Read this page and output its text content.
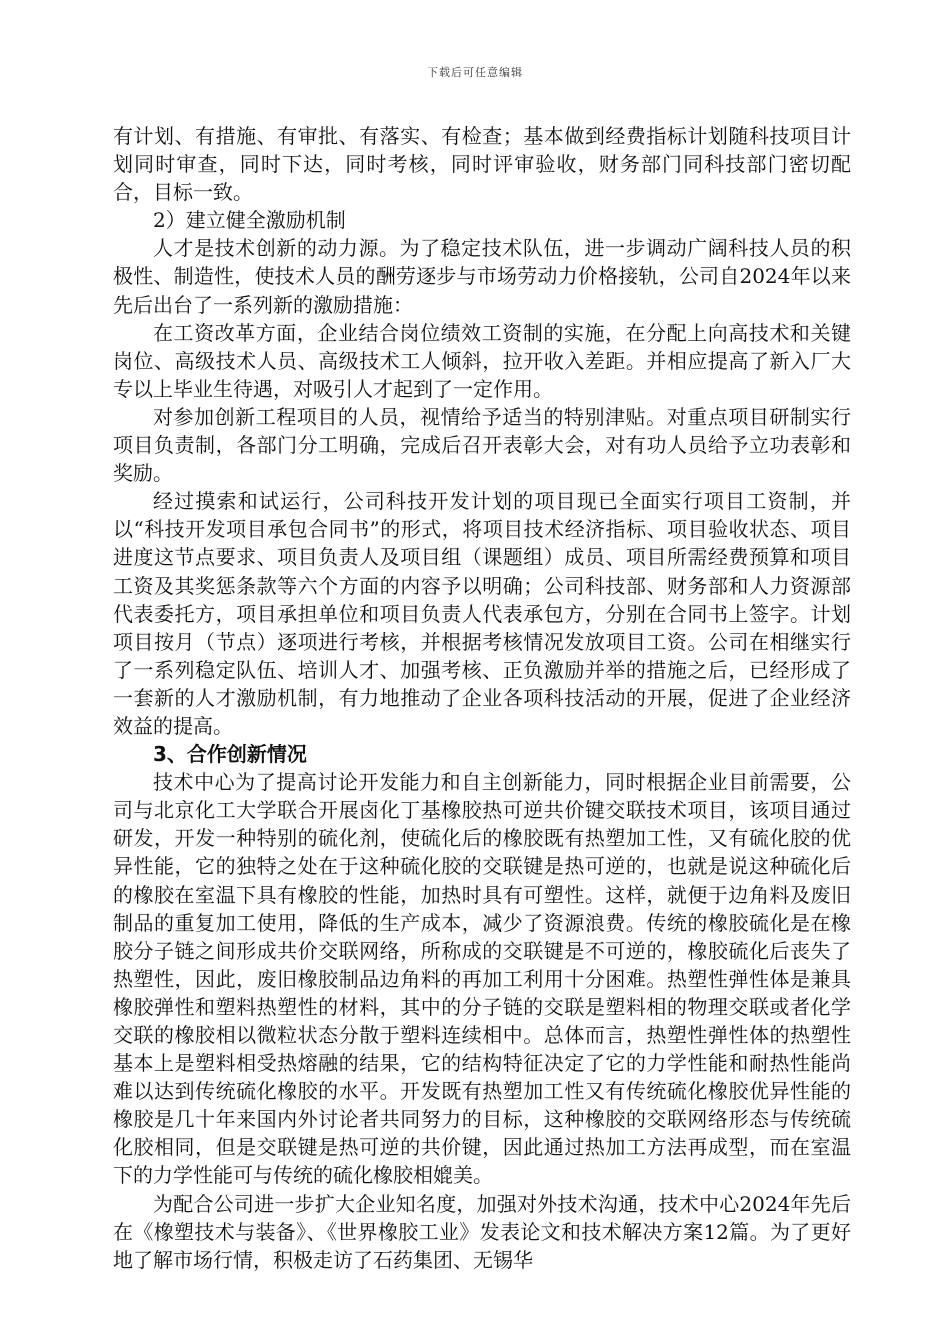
下载后可任意编辑

有计划、有措施、有审批、有落实、有检查；基本做到经费指标计划随科技项目计划同时审查，同时下达，同时考核，同时评审验收，财务部门同科技部门密切配合，目标一致。

2）建立健全激励机制

人才是技术创新的动力源。为了稳定技术队伍，进一步调动广阔科技人员的积极性、制造性，使技术人员的酬劳逐步与市场劳动力价格接轨，公司自2024年以来先后出台了一系列新的激励措施：

在工资改革方面，企业结合岗位绩效工资制的实施，在分配上向高技术和关键岗位、高级技术人员、高级技术工人倾斜，拉开收入差距。并相应提高了新入厂大专以上毕业生待遇，对吸引人才起到了一定作用。

对参加创新工程项目的人员，视情给予适当的特别津贴。对重点项目研制实行项目负责制，各部门分工明确，完成后召开表彰大会，对有功人员给予立功表彰和奖励。

经过摸索和试运行，公司科技开发计划的项目现已全面实行项目工资制，并以“科技开发项目承包合同书”的形式，将项目技术经济指标、项目验收状态、项目进度这节点要求、项目负责人及项目组（课题组）成员、项目所需经费预算和项目工资及其奖惩条款等六个方面的内容予以明确；公司科技部、财务部和人力资源部代表委托方，项目承担单位和项目负责人代表承包方，分别在合同书上签字。计划项目按月（节点）逐项进行考核，并根据考核情况发放项目工资。公司在相继实行了一系列稳定队伍、培训人才、加强考核、正负激励并举的措施之后，已经形成了一套新的人才激励机制，有力地推动了企业各项科技活动的开展，促进了企业经济效益的提高。

3、合作创新情况

技术中心为了提高讨论开发能力和自主创新能力，同时根据企业目前需要，公司与北京化工大学联合开展卤化丁基橡胶热可逆共价键交联技术项目，该项目通过研发，开发一种特别的硫化剂，使硫化后的橡胶既有热塑加工性，又有硫化胶的优异性能，它的独特之处在于这种硫化胶的交联键是热可逆的，也就是说这种硫化后的橡胶在室温下具有橡胶的性能，加热时具有可塑性。这样，就便于边角料及废旧制品的重复加工使用，降低的生产成本，减少了资源浪费。传统的橡胶硫化是在橡胶分子链之间形成共价交联网络，所称成的交联键是不可逆的，橡胶硫化后丧失了热塑性，因此，废旧橡胶制品边角料的再加工利用十分困难。热塑性弹性体是兼具橡胶弹性和塑料热塑性的材料，其中的分子链的交联是塑料相的物理交联或者化学交联的橡胶相以微粒状态分散于塑料连续相中。总体而言，热塑性弹性体的热塑性基本上是塑料相受热熔融的结果，它的结构特征决定了它的力学性能和耐热性能尚难以达到传统硫化橡胶的水平。开发既有热塑加工性又有传统硫化橡胶优异性能的橡胶是几十年来国内外讨论者共同努力的目标，这种橡胶的交联网络形态与传统硫化胶相同，但是交联键是热可逆的共价键，因此通过热加工方法再成型，而在室温下的力学性能可与传统的硫化橡胶相媲美。

为配合公司进一步扩大企业知名度，加强对外技术沟通，技术中心2024年先后在《橡塑技术与装备》、《世界橡胶工业》发表论文和技术解决方案12篇。为了更好地了解市场行情，积极走访了石药集团、无锡华
